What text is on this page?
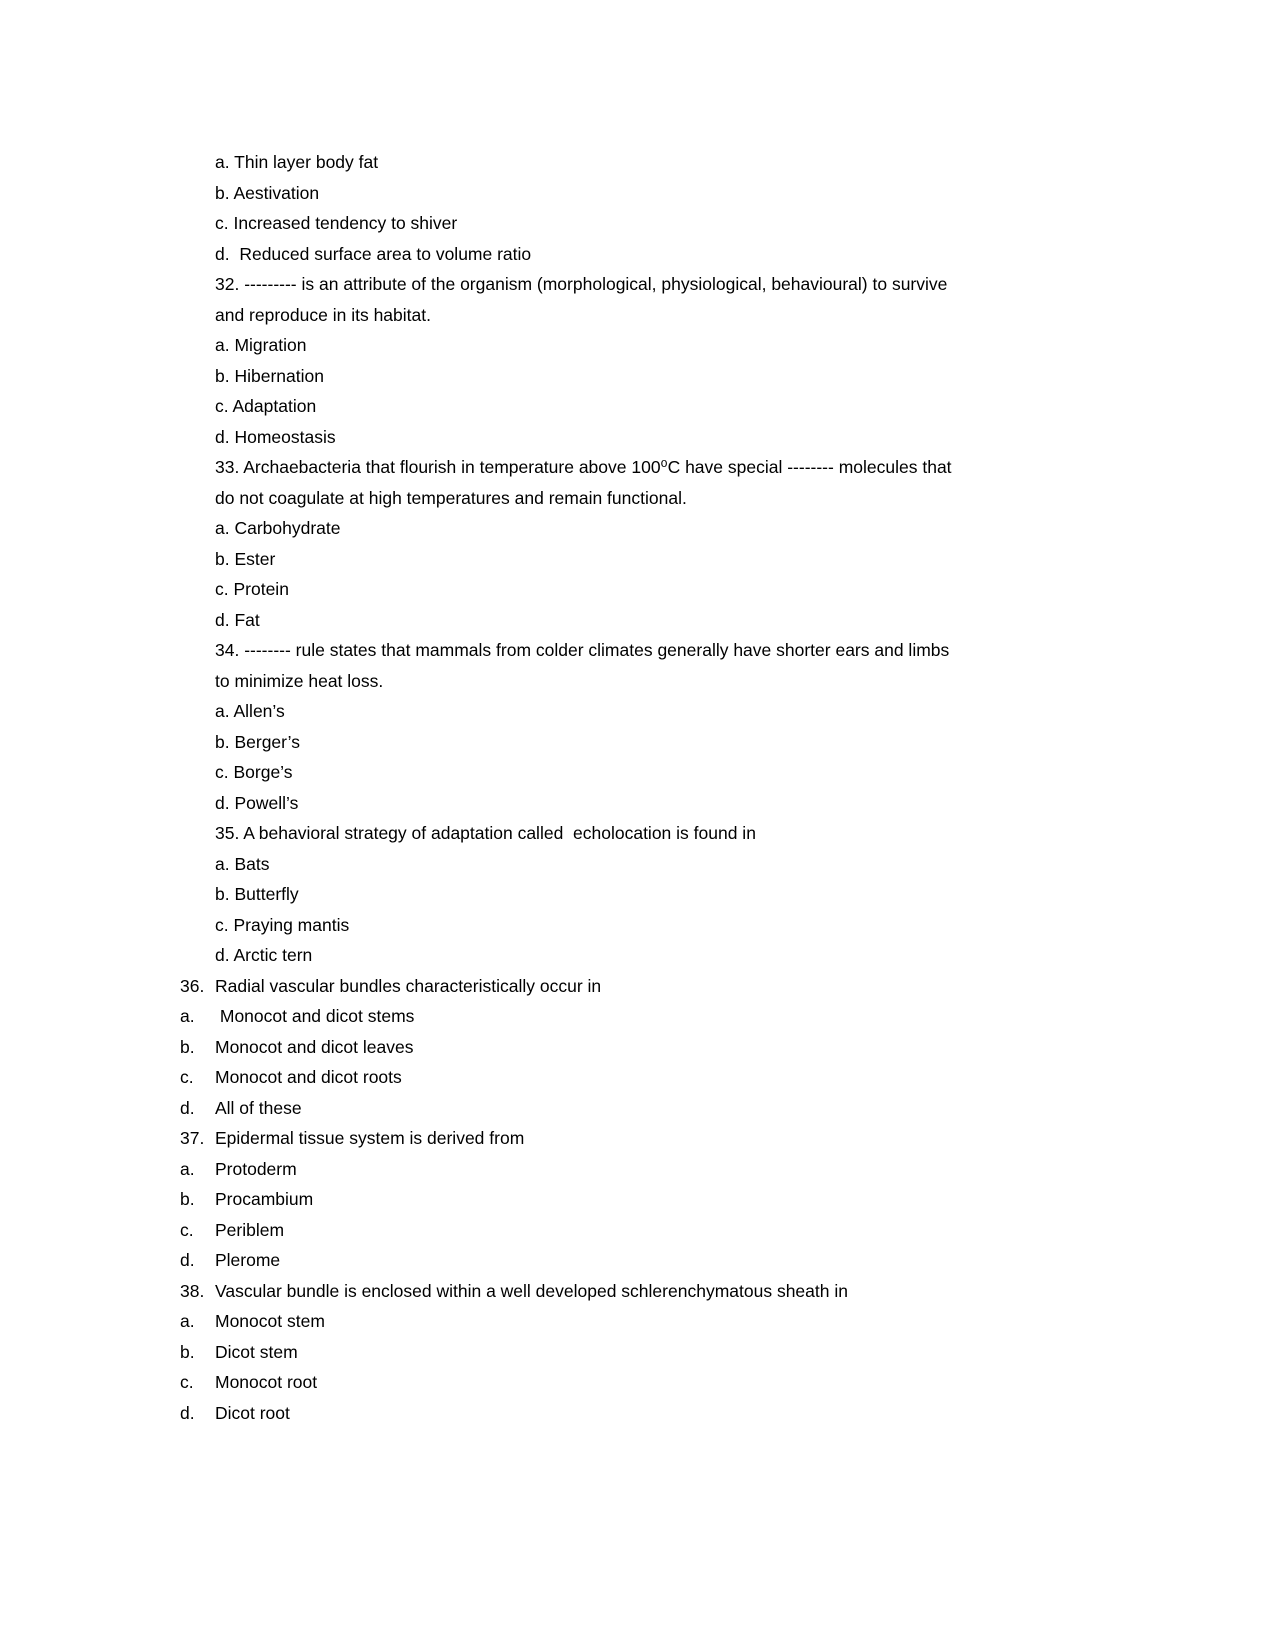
a. Thin layer body fat
b. Aestivation
c. Increased tendency to shiver
d.  Reduced surface area to volume ratio
32. --------- is an attribute of the organism (morphological, physiological, behavioural) to survive
and reproduce in its habitat.
a. Migration
b. Hibernation
c. Adaptation
d. Homeostasis
33. Archaebacteria that flourish in temperature above 100⁰C have special -------- molecules that
do not coagulate at high temperatures and remain functional.
a. Carbohydrate
b. Ester
c. Protein
d. Fat
34. -------- rule states that mammals from colder climates generally have shorter ears and limbs
to minimize heat loss.
a. Allen’s
b. Berger’s
c. Borge’s
d. Powell’s
35. A behavioral strategy of adaptation called  echolocation is found in
a. Bats
b. Butterfly
c. Praying mantis
d. Arctic tern
36. Radial vascular bundles characteristically occur in
a. Monocot and dicot stems
b. Monocot and dicot leaves
c. Monocot and dicot roots
d. All of these
37. Epidermal tissue system is derived from
a. Protoderm
b. Procambium
c. Periblem
d. Plerome
38. Vascular bundle is enclosed within a well developed schlerenchymatous sheath in
a. Monocot stem
b. Dicot stem
c. Monocot root
d. Dicot root
